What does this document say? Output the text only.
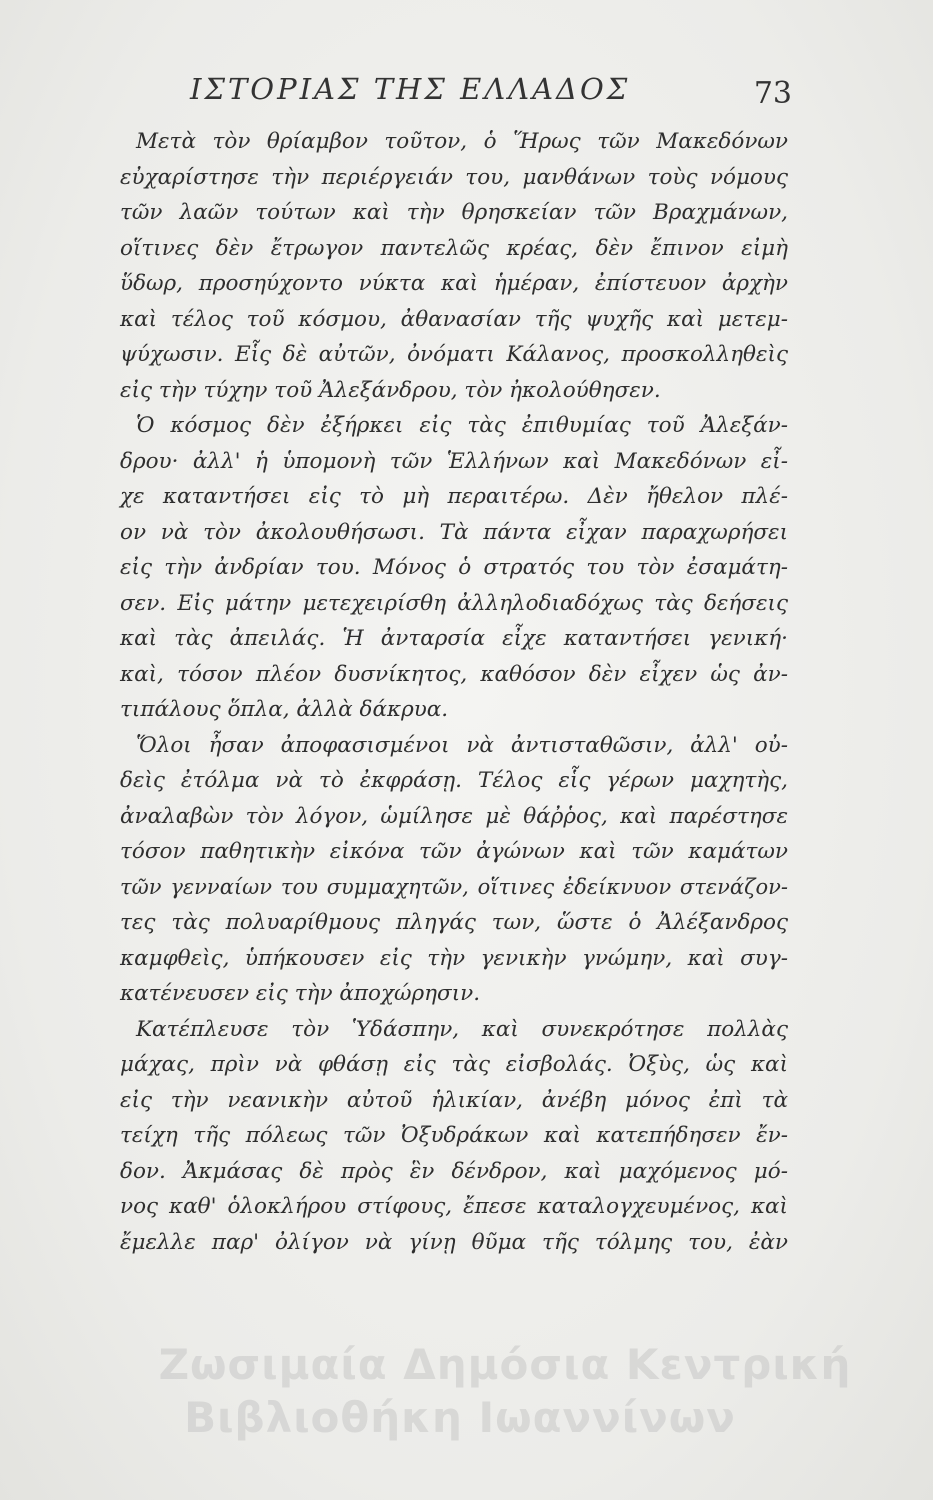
ΙΣΤΟΡΙΑΣ ΤΗΣ ΕΛΛΑΔΟΣ	73
Μετὰ τὸν θρίαμβον τοῦτον, ὁ Ἥρως τῶν Μακεδόνων
εὐχαρίστησε τὴν περιέργειάν του, μανθάνων τοὺς νόμους
τῶν λαῶν τούτων καὶ τὴν θρησκείαν τῶν Βραχμάνων,
οἵτινες δὲν ἔτρωγον παντελῶς κρέας, δὲν ἔπινον εἰμὴ
ὕδωρ, προσηύχοντο νύκτα καὶ ἡμέραν, ἐπίστευον ἀρχὴν
καὶ τέλος τοῦ κόσμου, ἀθανασίαν τῆς ψυχῆς καὶ μετεμ-
ψύχωσιν. Εἷς δὲ αὐτῶν, ὀνόματι Κάλανος, προσκολληθεὶς
εἰς τὴν τύχην τοῦ Ἀλεξάνδρου, τὸν ἠκολούθησεν.
Ὁ κόσμος δὲν ἐξήρκει εἰς τὰς ἐπιθυμίας τοῦ Ἀλεξάν-
δρου· ἀλλ' ἡ ὑπομονὴ τῶν Ἑλλήνων καὶ Μακεδόνων εἶ-
χε καταντήσει εἰς τὸ μὴ περαιτέρω. Δὲν ἤθελον πλέ-
ον νὰ τὸν ἀκολουθήσωσι. Τὰ πάντα εἶχαν παραχωρήσει
εἰς τὴν ἀνδρίαν του. Μόνος ὁ στρατός του τὸν ἐσαμάτη-
σεν. Εἰς μάτην μετεχειρίσθη ἀλληλοδιαδόχως τὰς δεήσεις
καὶ τὰς ἀπειλάς. Ἡ ἀνταρσία εἶχε καταντήσει γενική·
καὶ, τόσον πλέον δυσνίκητος, καθόσον δὲν εἶχεν ὡς ἀν-
τιπάλους ὅπλα, ἀλλὰ δάκρυα.
Ὅλοι ἦσαν ἀποφασισμένοι νὰ ἀντισταθῶσιν, ἀλλ' οὐ-
δεὶς ἐτόλμα νὰ τὸ ἐκφράσῃ. Τέλος εἷς γέρων μαχητὴς,
ἀναλαβὼν τὸν λόγον, ὡμίλησε μὲ θάῤῥος, καὶ παρέστησε
τόσον παθητικὴν εἰκόνα τῶν ἀγώνων καὶ τῶν καμάτων
τῶν γενναίων του συμμαχητῶν, οἵτινες ἐδείκνυον στενάζον-
τες τὰς πολυαρίθμους πληγάς των, ὥστε ὁ Ἀλέξανδρος
καμφθεὶς, ὑπήκουσεν εἰς τὴν γενικὴν γνώμην, καὶ συγ-
κατένευσεν εἰς τὴν ἀποχώρησιν.
Κατέπλευσε τὸν Ὑδάσπην, καὶ συνεκρότησε πολλὰς
μάχας, πρὶν νὰ φθάσῃ εἰς τὰς εἰσβολάς. Ὀξὺς, ὡς καὶ
εἰς τὴν νεανικὴν αὐτοῦ ἡλικίαν, ἀνέβη μόνος ἐπὶ τὰ
τείχη τῆς πόλεως τῶν Ὀξυδράκων καὶ κατεπήδησεν ἔν-
δον. Ἀκμάσας δὲ πρὸς ἓν δένδρον, καὶ μαχόμενος μό-
νος καθ' ὁλοκλήρου στίφους, ἔπεσε καταλογχευμένος, καὶ
ἔμελλε παρ' ὀλίγον νὰ γίνῃ θῦμα τῆς τόλμης του, ἐὰν
Ζωσιμαία Δημόσια Κεντρική
Βιβλιοθήκη Ιωαννίνων
